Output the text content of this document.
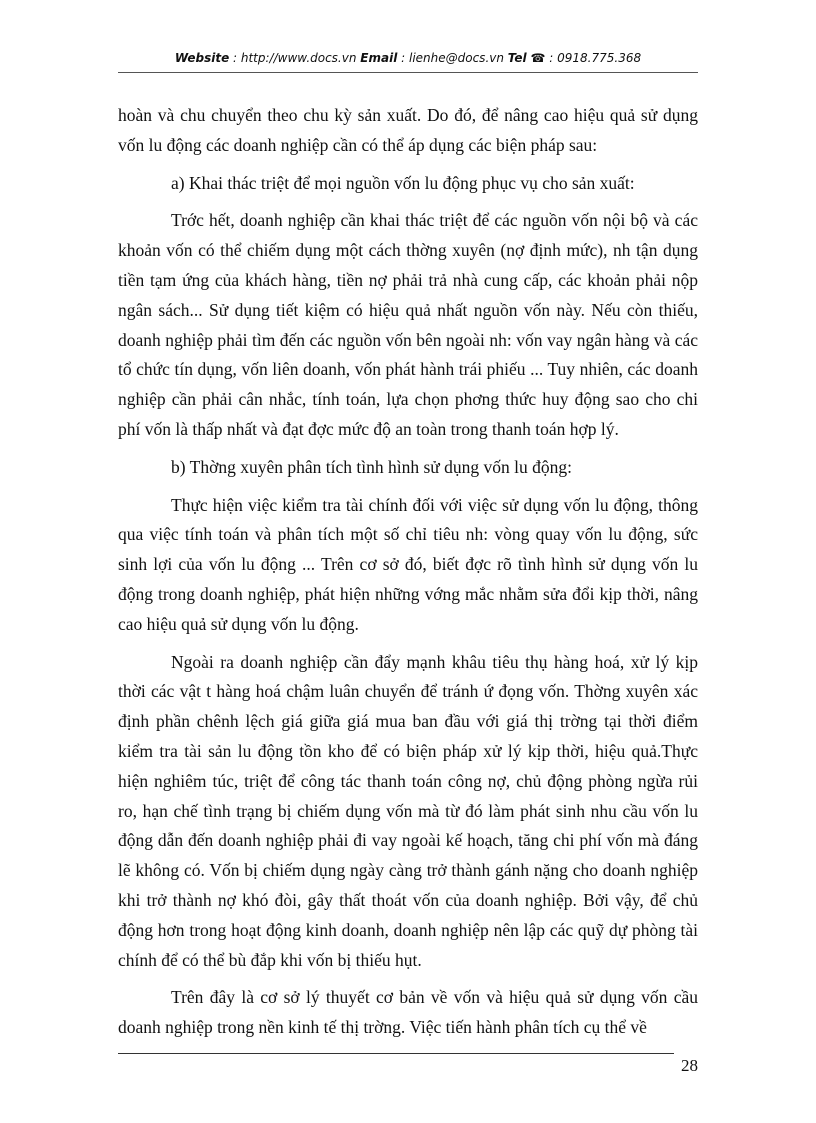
Website : http://www.docs.vn Email : lienhe@docs.vn Tel ☎ : 0918.775.368

hoàn và chu chuyển theo chu kỳ sản xuất. Do đó, để nâng cao hiệu quả sử dụng vốn lu động các doanh nghiệp cần có thể áp dụng các biện pháp sau:

a) Khai thác triệt để mọi nguồn vốn lu động phục vụ cho sản xuất:

Trớc hết, doanh nghiệp cần khai thác triệt để các nguồn vốn nội bộ và các khoản vốn có thể chiếm dụng một cách thờng xuyên (nợ định mức), nh tận dụng tiền tạm ứng của khách hàng, tiền nợ phải trả nhà cung cấp, các khoản phải nộp ngân sách... Sử dụng tiết kiệm có hiệu quả nhất nguồn vốn này. Nếu còn thiếu, doanh nghiệp phải tìm đến các nguồn vốn bên ngoài nh: vốn vay ngân hàng và các tổ chức tín dụng, vốn liên doanh, vốn phát hành trái phiếu ... Tuy nhiên, các doanh nghiệp cần phải cân nhắc, tính toán, lựa chọn phơng thức huy động sao cho chi phí vốn là thấp nhất và đạt đợc mức độ an toàn trong thanh toán hợp lý.

b) Thờng xuyên phân tích tình hình sử dụng vốn lu động:

Thực hiện việc kiểm tra tài chính đối với việc sử dụng vốn lu động, thông qua việc tính toán và phân tích một số chỉ tiêu nh: vòng quay vốn lu động, sức sinh lợi của vốn lu động ... Trên cơ sở đó, biết đợc rõ tình hình sử dụng vốn lu động trong doanh nghiệp, phát hiện những vớng mắc nhằm sửa đổi kịp thời, nâng cao hiệu quả sử dụng vốn lu động.

Ngoài ra doanh nghiệp cần đẩy mạnh khâu tiêu thụ hàng hoá, xử lý kịp thời các vật t hàng hoá chậm luân chuyển để tránh ứ đọng vốn. Thờng xuyên xác định phần chênh lệch giá giữa giá mua ban đầu với giá thị trờng tại thời điểm kiểm tra tài sản lu động tồn kho để có biện pháp xử lý kịp thời, hiệu quả.Thực hiện nghiêm túc, triệt để công tác thanh toán công nợ, chủ động phòng ngừa rủi ro, hạn chế tình trạng bị chiếm dụng vốn mà từ đó làm phát sinh nhu cầu vốn lu động dẫn đến doanh nghiệp phải đi vay ngoài kế hoạch, tăng chi phí vốn mà đáng lẽ không có. Vốn bị chiếm dụng ngày càng trở thành gánh nặng cho doanh nghiệp khi trở thành nợ khó đòi, gây thất thoát vốn của doanh nghiệp. Bởi vậy, để chủ động hơn trong hoạt động kinh doanh, doanh nghiệp nên lập các quỹ dự phòng tài chính để có thể bù đắp khi vốn bị thiếu hụt.

Trên đây là cơ sở lý thuyết cơ bản về vốn và hiệu quả sử dụng vốn cầu doanh nghiệp trong nền kinh tế thị trờng. Việc tiến hành phân tích cụ thể về

28
